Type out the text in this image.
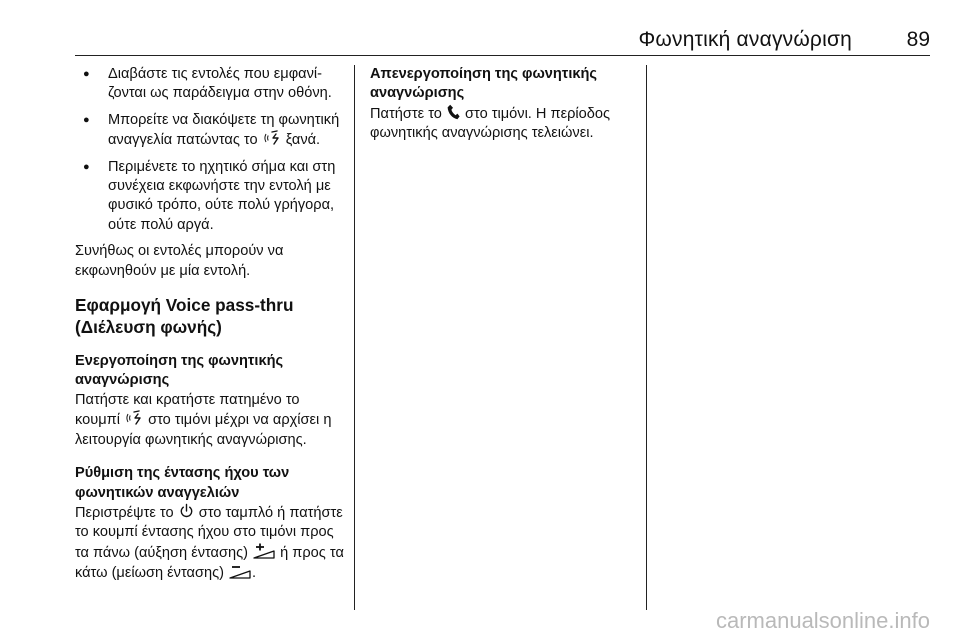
Φωνητική αναγνώριση	89
● Διαβάστε τις εντολές που εμφανίζονται ως παράδειγμα στην οθόνη.
● Μπορείτε να διακόψετε τη φωνητική αναγγελία πατώντας το ξανά.
● Περιμένετε το ηχητικό σήμα και στη συνέχεια εκφωνήστε την εντολή με φυσικό τρόπο, ούτε πολύ γρήγορα, ούτε πολύ αργά.

Συνήθως οι εντολές μπορούν να εκφωνηθούν με μία εντολή.

Εφαρμογή Voice pass-thru (Διέλευση φωνής)
Ενεργοποίηση της φωνητικής αναγνώρισης

Πατήστε και κρατήστε πατημένο το κουμπί στο τιμόνι μέχρι να αρχίσει η λειτουργία φωνητικής αναγνώρισης.

Ρύθμιση της έντασης ήχου των φωνητικών αναγγελιών

Περιστρέψτε το στο ταμπλό ή πατήστε το κουμπί έντασης ήχου στο τιμόνι προς τα πάνω (αύξηση έντασης) ή προς τα κάτω (μείωση έντασης) .

Απενεργοποίηση της φωνητικής αναγνώρισης

Πατήστε το στο τιμόνι. Η περίοδος φωνητικής αναγνώρισης τελειώνει.

carmanualsonline.info
